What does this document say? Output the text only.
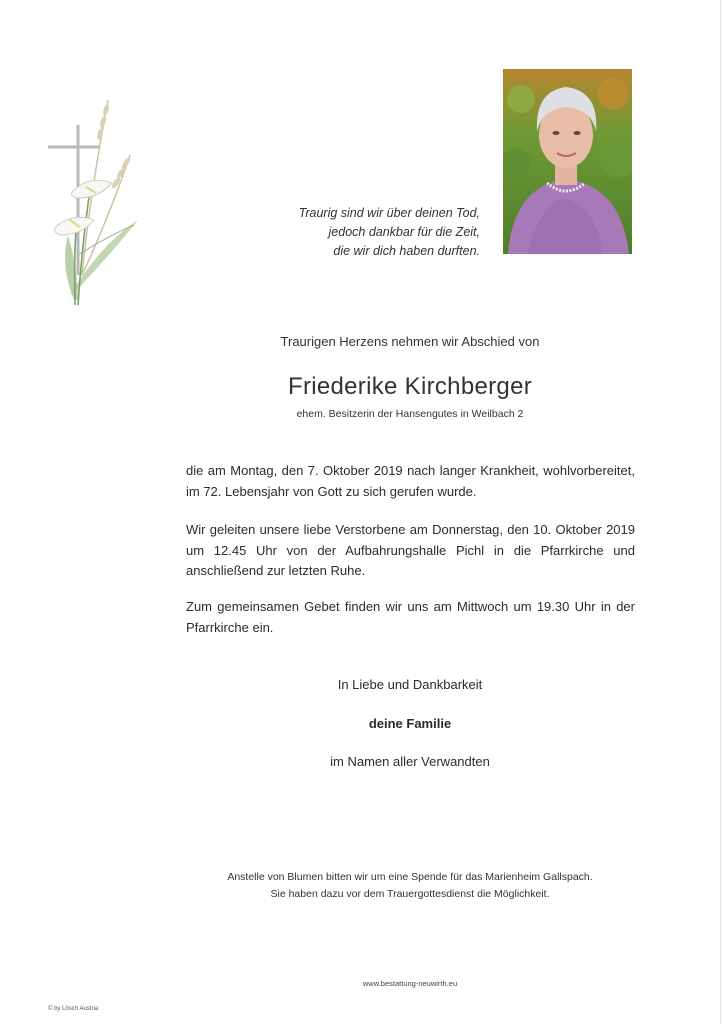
Traurig sind wir über deinen Tod,
jedoch dankbar für die Zeit,
die wir dich haben durften.
Traurigen Herzens nehmen wir Abschied von
Friederike Kirchberger
ehem. Besitzerin der Hansengutes in Weilbach 2
die am Montag, den 7. Oktober 2019 nach langer Krankheit, wohlvorbereitet, im 72. Lebensjahr von Gott zu sich gerufen wurde.
Wir geleiten unsere liebe Verstorbene am Donnerstag, den 10. Oktober 2019 um 12.45 Uhr von der Aufbahrungshalle Pichl in die Pfarrkirche und anschließend zur letzten Ruhe.
Zum gemeinsamen Gebet finden wir uns am Mittwoch um 19.30 Uhr in der Pfarrkirche ein.
In Liebe und Dankbarkeit
deine Familie
im Namen aller Verwandten
Anstelle von Blumen bitten wir um eine Spende für das Marienheim Gallspach.
Sie haben dazu vor dem Trauergottesdienst die Möglichkeit.
www.bestattung-neuwirth.eu
© by Lösch Austria
